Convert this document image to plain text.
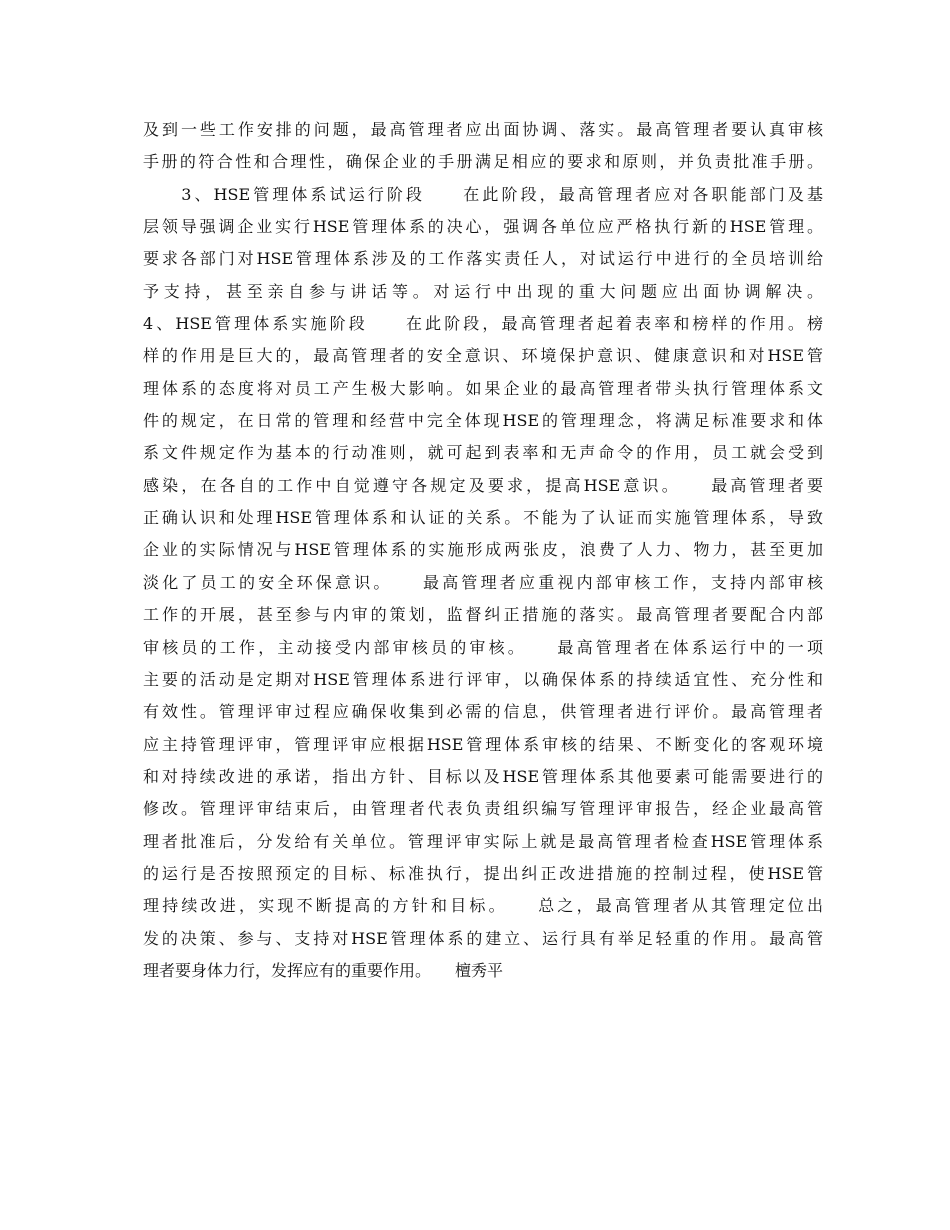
及到一些工作安排的问题，最高管理者应出面协调、落实。最高管理者要认真审核
手册的符合性和合理性，确保企业的手册满足相应的要求和原则，并负责批准手册。
　　3、HSE管理体系试运行阶段　　在此阶段，最高管理者应对各职能部门及基
层领导强调企业实行HSE管理体系的决心，强调各单位应严格执行新的HSE管理。
要求各部门对HSE管理体系涉及的工作落实责任人，对试运行中进行的全员培训给
予支持，甚至亲自参与讲话等。对运行中出现的重大问题应出面协调解决。
4、HSE管理体系实施阶段　　在此阶段，最高管理者起着表率和榜样的作用。榜
样的作用是巨大的，最高管理者的安全意识、环境保护意识、健康意识和对HSE管
理体系的态度将对员工产生极大影响。如果企业的最高管理者带头执行管理体系文
件的规定，在日常的管理和经营中完全体现HSE的管理理念，将满足标准要求和体
系文件规定作为基本的行动准则，就可起到表率和无声命令的作用，员工就会受到
感染，在各自的工作中自觉遵守各规定及要求，提高HSE意识。　　最高管理者要
正确认识和处理HSE管理体系和认证的关系。不能为了认证而实施管理体系，导致
企业的实际情况与HSE管理体系的实施形成两张皮，浪费了人力、物力，甚至更加
淡化了员工的安全环保意识。　　最高管理者应重视内部审核工作，支持内部审核
工作的开展，甚至参与内审的策划，监督纠正措施的落实。最高管理者要配合内部
审核员的工作，主动接受内部审核员的审核。　　最高管理者在体系运行中的一项
主要的活动是定期对HSE管理体系进行评审，以确保体系的持续适宜性、充分性和
有效性。管理评审过程应确保收集到必需的信息，供管理者进行评价。最高管理者
应主持管理评审，管理评审应根据HSE管理体系审核的结果、不断变化的客观环境
和对持续改进的承诺，指出方针、目标以及HSE管理体系其他要素可能需要进行的
修改。管理评审结束后，由管理者代表负责组织编写管理评审报告，经企业最高管
理者批准后，分发给有关单位。管理评审实际上就是最高管理者检查HSE管理体系
的运行是否按照预定的目标、标准执行，提出纠正改进措施的控制过程，使HSE管
理持续改进，实现不断提高的方针和目标。　　总之，最高管理者从其管理定位出
发的决策、参与、支持对HSE管理体系的建立、运行具有举足轻重的作用。最高管
理者要身体力行，发挥应有的重要作用。　　檀秀平
